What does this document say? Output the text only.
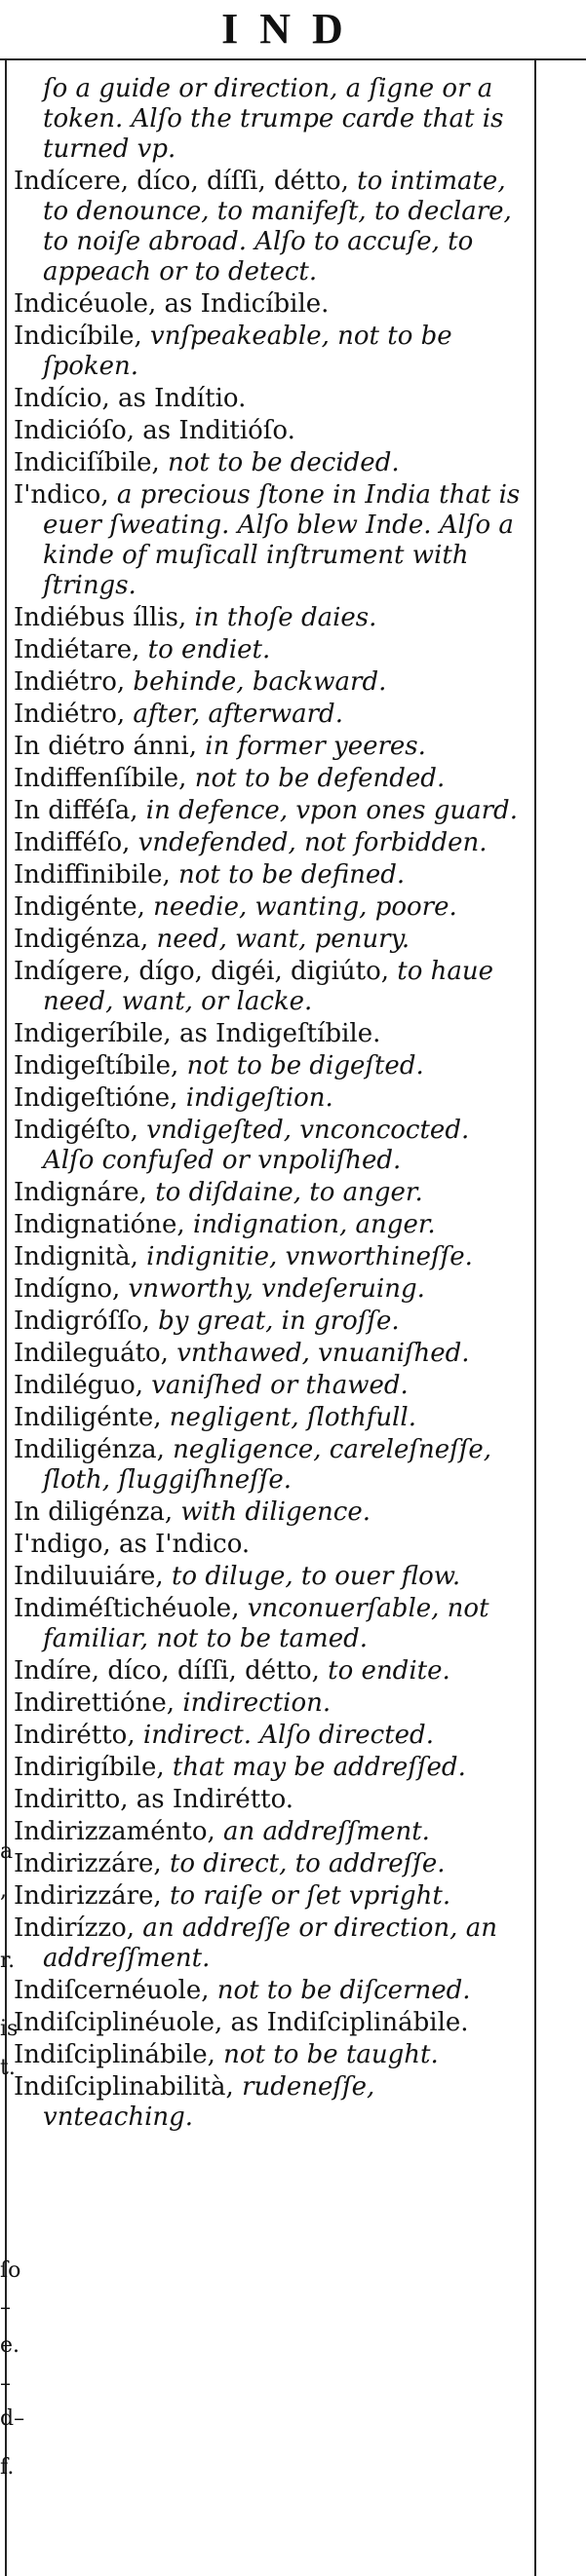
IND
a
,
r.
is
t.
ſo
–
e.
–
d–
f.
ſo a guide or direction, a ſigne or a token. Alſo the trumpe carde that is turned vp.
Indícere, díco, díſſi, détto, to intimate, to denounce, to manifeſt, to declare, to noiſe abroad. Alſo to accuſe, to appeach or to detect.
Indicéuole, as Indicíbile.
Indicíbile, vnſpeakeable, not to be ſpoken.
Indício, as Indítio.
Indicióſo, as Inditióſo.
Indiciſíbile, not to be decided.
I'ndico, a precious ſtone in India that is euer ſweating. Alſo blew Inde. Alſo a kinde of muſicall inſtrument with ſtrings.
Indiébus íllis, in thoſe daies.
Indiétare, to endiet.
Indiétro, behinde, backward.
Indiétro, after, afterward.
In diétro ánni, in former yeeres.
Indiffenſíbile, not to be defended.
In difféſa, in defence, vpon ones guard.
Indifféſo, vndefended, not forbidden.
Indiffinibile, not to be defined.
Indigénte, needie, wanting, poore.
Indigénza, need, want, penury.
Indígere, dígo, digéi, digiúto, to haue need, want, or lacke.
Indigeríbile, as Indigeſtíbile.
Indigeſtíbile, not to be digeſted.
Indigeſtióne, indigeſtion.
Indigéſto, vndigeſted, vnconcocted. Alſo confuſed or vnpoliſhed.
Indignáre, to diſdaine, to anger.
Indignatióne, indignation, anger.
Indignità, indignitie, vnworthineſſe.
Indígno, vnworthy, vndeſeruing.
Indigróſſo, by great, in groſſe.
Indileguáto, vnthawed, vnuaniſhed.
Indiléguo, vaniſhed or thawed.
Indiligénte, negligent, ſlothfull.
Indiligénza, negligence, careleſneſſe, ſloth, ſluggiſhneſſe.
In diligénza, with diligence.
I'ndigo, as I'ndico.
Indiluuiáre, to diluge, to ouer flow.
Indiméſtichéuole, vnconuerſable, not familiar, not to be tamed.
Indíre, díco, díſſi, détto, to endite.
Indirettióne, indirection.
Indirétto, indirect. Alſo directed.
Indirigíbile, that may be addreſſed.
Indiritto, as Indirétto.
Indirizzaménto, an addreſſment.
Indirizzáre, to direct, to addreſſe.
Indirizzáre, to raiſe or ſet vpright.
Indirízzo, an addreſſe or direction, an addreſſment.
Indiſcernéuole, not to be diſcerned.
Indiſciplinéuole, as Indiſciplinábile.
Indiſciplinábile, not to be taught.
Indiſciplinabilità, rudeneſſe, vnteaching.
